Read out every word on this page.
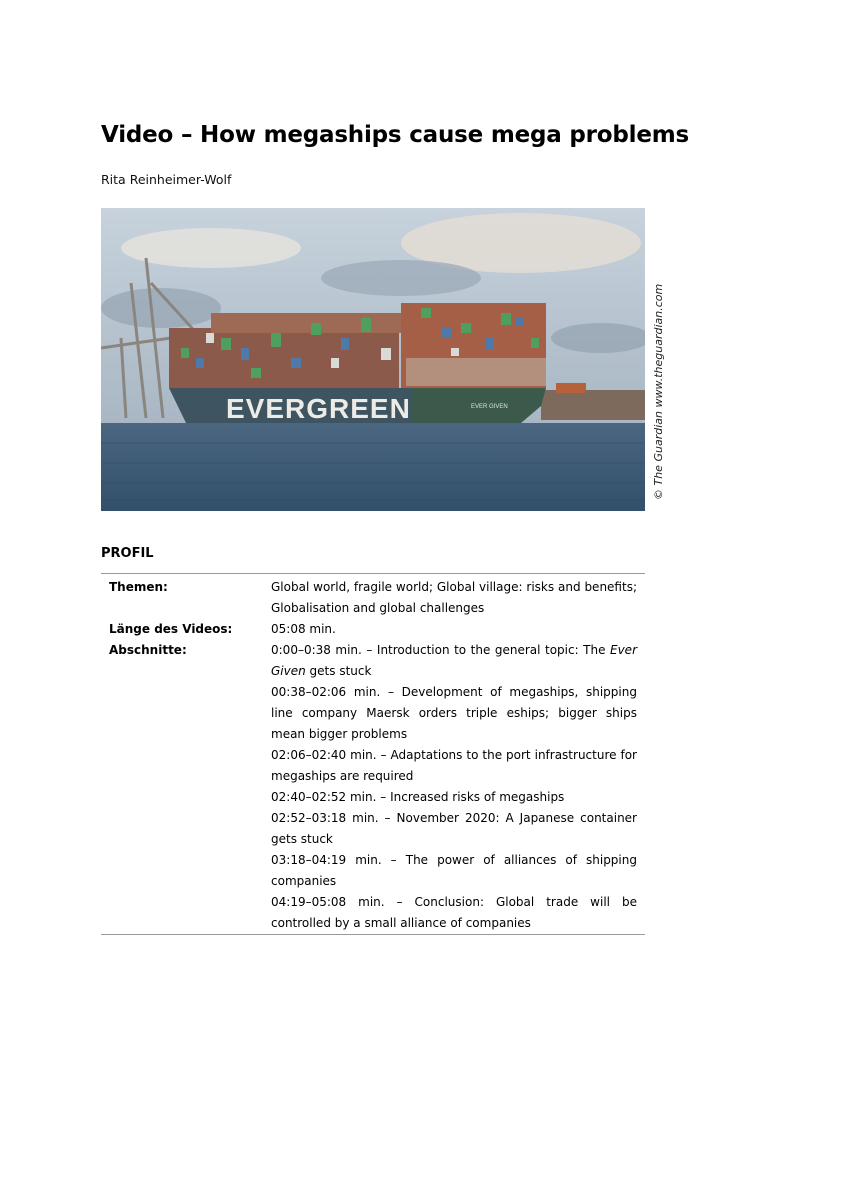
Video – How megaships cause mega problems
Rita Reinheimer-Wolf
EVERGREEN	EVER GIVEN	© The Guardian www.theguardian.com
PROFIL
Themen:	Global world, fragile world; Global village: risks and benefits; Globalisation and global challenges
Länge des Videos:	05:08 min.
Abschnitte:	0:00–0:38 min. – Introduction to the general topic: The Ever Given gets stuck
00:38–02:06 min. – Development of megaships, shipping line company Maersk orders triple eships; bigger ships mean bigger problems
02:06–02:40 min. – Adaptations to the port infrastructure for megaships are required
02:40–02:52 min. – Increased risks of megaships
02:52–03:18 min. – November 2020: A Japanese container gets stuck
03:18–04:19 min. – The power of alliances of shipping companies
04:19–05:08 min. – Conclusion: Global trade will be controlled by a small alliance of companies
